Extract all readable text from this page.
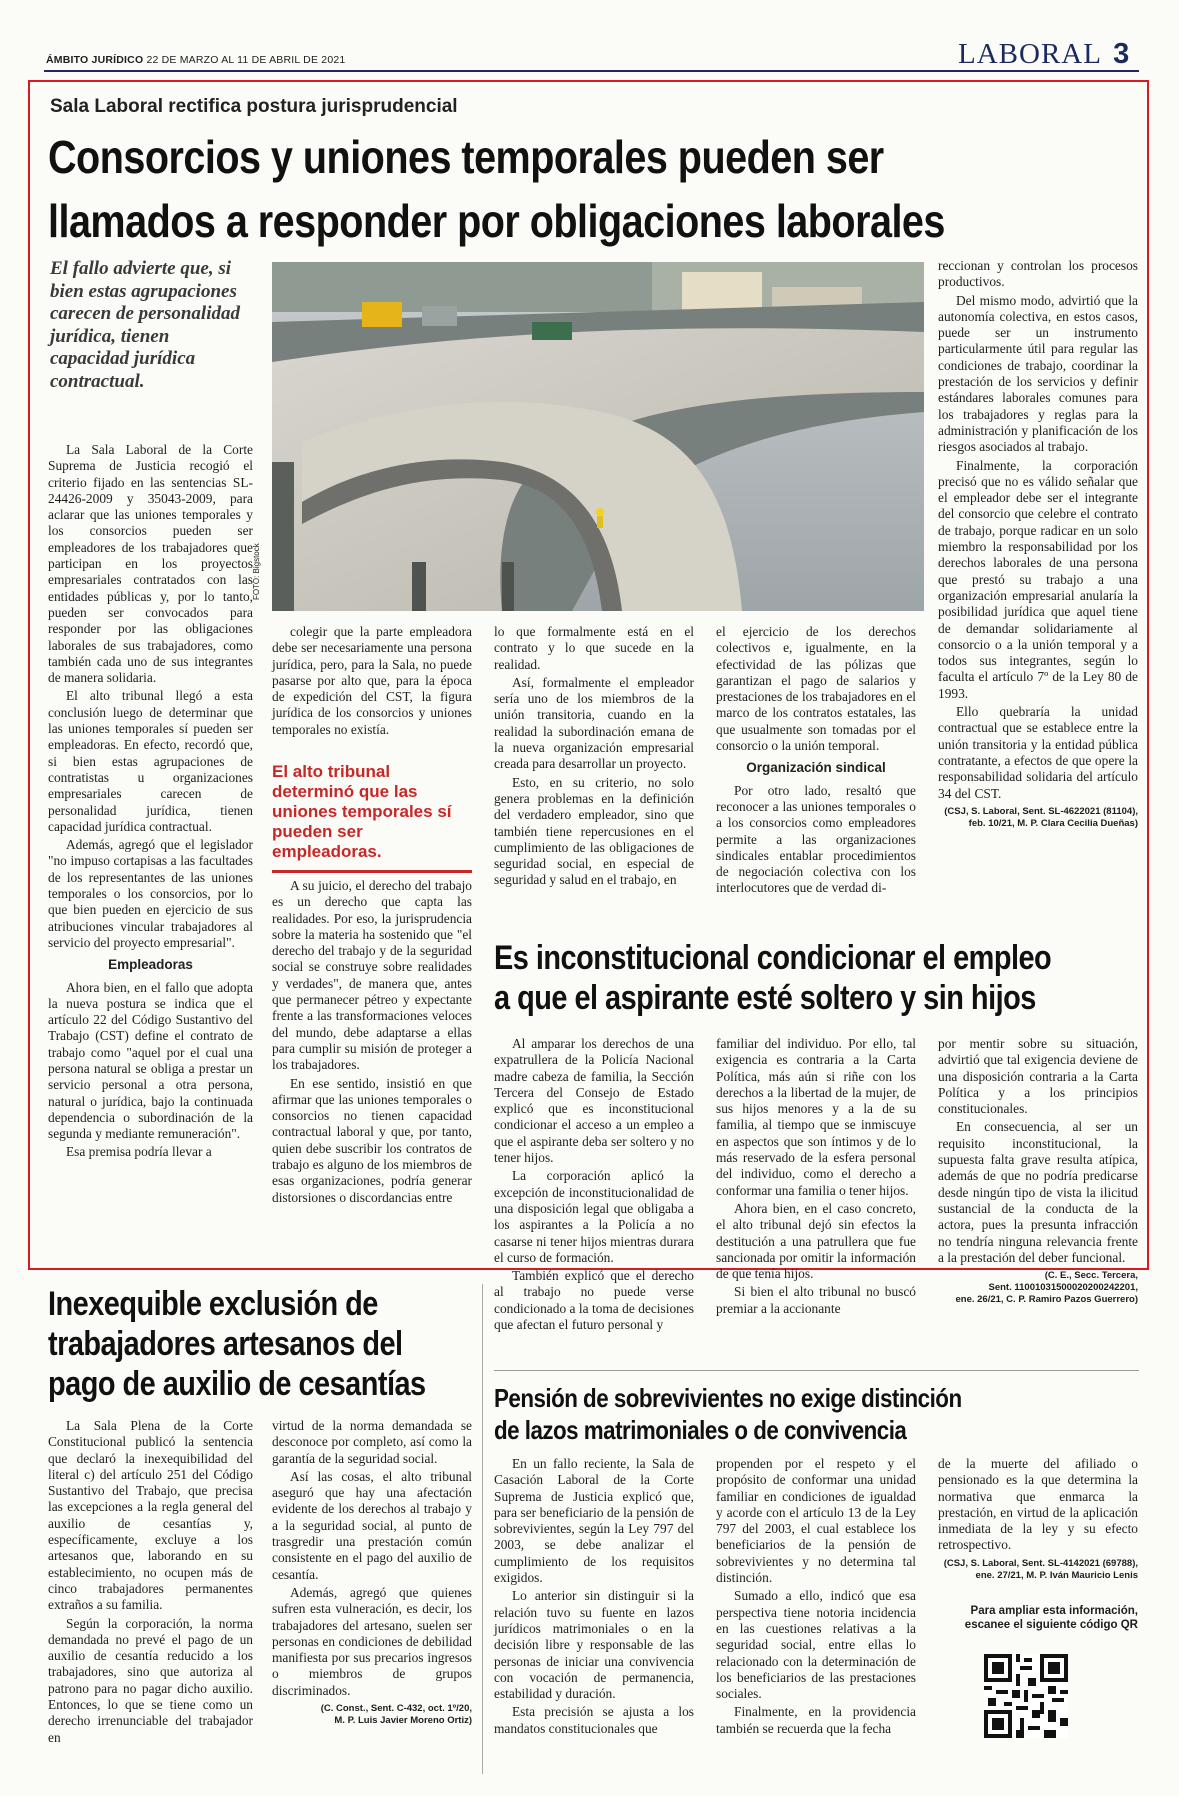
ÁMBITO JURÍDICO 22 DE MARZO AL 11 DE ABRIL DE 2021	LABORAL 3
Sala Laboral rectifica postura jurisprudencial
Consorcios y uniones temporales pueden ser
llamados a responder por obligaciones laborales
El fallo advierte que, si bien estas agrupaciones carecen de personalidad jurídica, tienen capacidad jurídica contractual.
FOTO: Bigstock

La Sala Laboral de la Corte Suprema de Justicia recogió el criterio fijado en las sentencias SL-24426-2009 y 35043-2009, para aclarar que las uniones temporales y los consorcios pueden ser empleadores de los trabajadores que participan en los proyectos empresariales contratados con las entidades públicas y, por lo tanto, pueden ser convocados para responder por las obligaciones laborales de sus trabajadores, como también cada uno de sus integrantes de manera solidaria.

El alto tribunal llegó a esta conclusión luego de determinar que las uniones temporales sí pueden ser empleadoras. En efecto, recordó que, si bien estas agrupaciones de contratistas u organizaciones empresariales carecen de personalidad jurídica, tienen capacidad jurídica contractual.

Además, agregó que el legislador "no impuso cortapisas a las facultades de los representantes de las uniones temporales o los consorcios, por lo que bien pueden en ejercicio de sus atribuciones vincular trabajadores al servicio del proyecto empresarial".

Empleadoras

Ahora bien, en el fallo que adopta la nueva postura se indica que el artículo 22 del Código Sustantivo del Trabajo (CST) define el contrato de trabajo como "aquel por el cual una persona natural se obliga a prestar un servicio personal a otra persona, natural o jurídica, bajo la continuada dependencia o subordinación de la segunda y mediante remuneración".

Esa premisa podría llevar a

colegir que la parte empleadora debe ser necesariamente una persona jurídica, pero, para la Sala, no puede pasarse por alto que, para la época de expedición del CST, la figura jurídica de los consorcios y uniones temporales no existía.

El alto tribunal determinó que las uniones temporales sí pueden ser empleadoras.

A su juicio, el derecho del trabajo es un derecho que capta las realidades. Por eso, la jurisprudencia sobre la materia ha sostenido que "el derecho del trabajo y de la seguridad social se construye sobre realidades y verdades", de manera que, antes que permanecer pétreo y expectante frente a las transformaciones veloces del mundo, debe adaptarse a ellas para cumplir su misión de proteger a los trabajadores.

En ese sentido, insistió en que afirmar que las uniones temporales o consorcios no tienen capacidad contractual laboral y que, por tanto, quien debe suscribir los contratos de trabajo es alguno de los miembros de esas organizaciones, podría generar distorsiones o discordancias entre

lo que formalmente está en el contrato y lo que sucede en la realidad.

Así, formalmente el empleador sería uno de los miembros de la unión transitoria, cuando en la realidad la subordinación emana de la nueva organización empresarial creada para desarrollar un proyecto.

Esto, en su criterio, no solo genera problemas en la definición del verdadero empleador, sino que también tiene repercusiones en el cumplimiento de las obligaciones de seguridad social, en especial de seguridad y salud en el trabajo, en

el ejercicio de los derechos colectivos e, igualmente, en la efectividad de las pólizas que garantizan el pago de salarios y prestaciones de los trabajadores en el marco de los contratos estatales, las que usualmente son tomadas por el consorcio o la unión temporal.

Organización sindical

Por otro lado, resaltó que reconocer a las uniones temporales o a los consorcios como empleadores permite a las organizaciones sindicales entablar procedimientos de negociación colectiva con los interlocutores que de verdad di-

reccionan y controlan los procesos productivos.

Del mismo modo, advirtió que la autonomía colectiva, en estos casos, puede ser un instrumento particularmente útil para regular las condiciones de trabajo, coordinar la prestación de los servicios y definir estándares laborales comunes para los trabajadores y reglas para la administración y planificación de los riesgos asociados al trabajo.

Finalmente, la corporación precisó que no es válido señalar que el empleador debe ser el integrante del consorcio que celebre el contrato de trabajo, porque radicar en un solo miembro la responsabilidad por los derechos laborales de una persona que prestó su trabajo a una organización empresarial anularía la posibilidad jurídica que aquel tiene de demandar solidariamente al consorcio o a la unión temporal y a todos sus integrantes, según lo faculta el artículo 7º de la Ley 80 de 1993.

Ello quebraría la unidad contractual que se establece entre la unión transitoria y la entidad pública contratante, a efectos de que opere la responsabilidad solidaria del artículo 34 del CST.

(CSJ, S. Laboral, Sent. SL-4622021 (81104),
feb. 10/21, M. P. Clara Cecilia Dueñas)
Es inconstitucional condicionar el empleo
a que el aspirante esté soltero y sin hijos

Al amparar los derechos de una expatrullera de la Policía Nacional madre cabeza de familia, la Sección Tercera del Consejo de Estado explicó que es inconstitucional condicionar el acceso a un empleo a que el aspirante deba ser soltero y no tener hijos.

La corporación aplicó la excepción de inconstitucionalidad de una disposición legal que obligaba a los aspirantes a la Policía a no casarse ni tener hijos mientras durara el curso de formación.

También explicó que el derecho al trabajo no puede verse condicionado a la toma de decisiones que afectan el futuro personal y

familiar del individuo. Por ello, tal exigencia es contraria a la Carta Política, más aún si riñe con los derechos a la libertad de la mujer, de sus hijos menores y a la de su familia, al tiempo que se inmiscuye en aspectos que son íntimos y de lo más reservado de la esfera personal del individuo, como el derecho a conformar una familia o tener hijos.

Ahora bien, en el caso concreto, el alto tribunal dejó sin efectos la destitución a una patrullera que fue sancionada por omitir la información de que tenía hijos.

Si bien el alto tribunal no buscó premiar a la accionante

por mentir sobre su situación, advirtió que tal exigencia deviene de una disposición contraria a la Carta Política y a los principios constitucionales.

En consecuencia, al ser un requisito inconstitucional, la supuesta falta grave resulta atípica, además de que no podría predicarse desde ningún tipo de vista la ilicitud sustancial de la conducta de la actora, pues la presunta infracción no tendría ninguna relevancia frente a la prestación del deber funcional.

(C. E., Secc. Tercera,
Sent. 11001031500020200242201,
ene. 26/21, C. P. Ramiro Pazos Guerrero)
Inexequible exclusión de
trabajadores artesanos del
pago de auxilio de cesantías

La Sala Plena de la Corte Constitucional publicó la sentencia que declaró la inexequibilidad del literal c) del artículo 251 del Código Sustantivo del Trabajo, que precisa las excepciones a la regla general del auxilio de cesantías y, específicamente, excluye a los artesanos que, laborando en su establecimiento, no ocupen más de cinco trabajadores permanentes extraños a su familia.

Según la corporación, la norma demandada no prevé el pago de un auxilio de cesantía reducido a los trabajadores, sino que autoriza al patrono para no pagar dicho auxilio. Entonces, lo que se tiene como un derecho irrenunciable del trabajador en

virtud de la norma demandada se desconoce por completo, así como la garantía de la seguridad social.

Así las cosas, el alto tribunal aseguró que hay una afectación evidente de los derechos al trabajo y a la seguridad social, al punto de trasgredir una prestación común consistente en el pago del auxilio de cesantía.

Además, agregó que quienes sufren esta vulneración, es decir, los trabajadores del artesano, suelen ser personas en condiciones de debilidad manifiesta por sus precarios ingresos o miembros de grupos discriminados.

(C. Const., Sent. C-432, oct. 1º/20,
M. P. Luis Javier Moreno Ortiz)
Pensión de sobrevivientes no exige distinción
de lazos matrimoniales o de convivencia

En un fallo reciente, la Sala de Casación Laboral de la Corte Suprema de Justicia explicó que, para ser beneficiario de la pensión de sobrevivientes, según la Ley 797 del 2003, se debe analizar el cumplimiento de los requisitos exigidos.

Lo anterior sin distinguir si la relación tuvo su fuente en lazos jurídicos matrimoniales o en la decisión libre y responsable de las personas de iniciar una convivencia con vocación de permanencia, estabilidad y duración.

Esta precisión se ajusta a los mandatos constitucionales que

propenden por el respeto y el propósito de conformar una unidad familiar en condiciones de igualdad y acorde con el artículo 13 de la Ley 797 del 2003, el cual establece los beneficiarios de la pensión de sobrevivientes y no determina tal distinción.

Sumado a ello, indicó que esa perspectiva tiene notoria incidencia en las cuestiones relativas a la seguridad social, entre ellas lo relacionado con la determinación de los beneficiarios de las prestaciones sociales.

Finalmente, en la providencia también se recuerda que la fecha

de la muerte del afiliado o pensionado es la que determina la normativa que enmarca la prestación, en virtud de la aplicación inmediata de la ley y su efecto retrospectivo.

(CSJ, S. Laboral, Sent. SL-4142021 (69788),
ene. 27/21, M. P. Iván Mauricio Lenis
Para ampliar esta información,
escanee el siguiente código QR
